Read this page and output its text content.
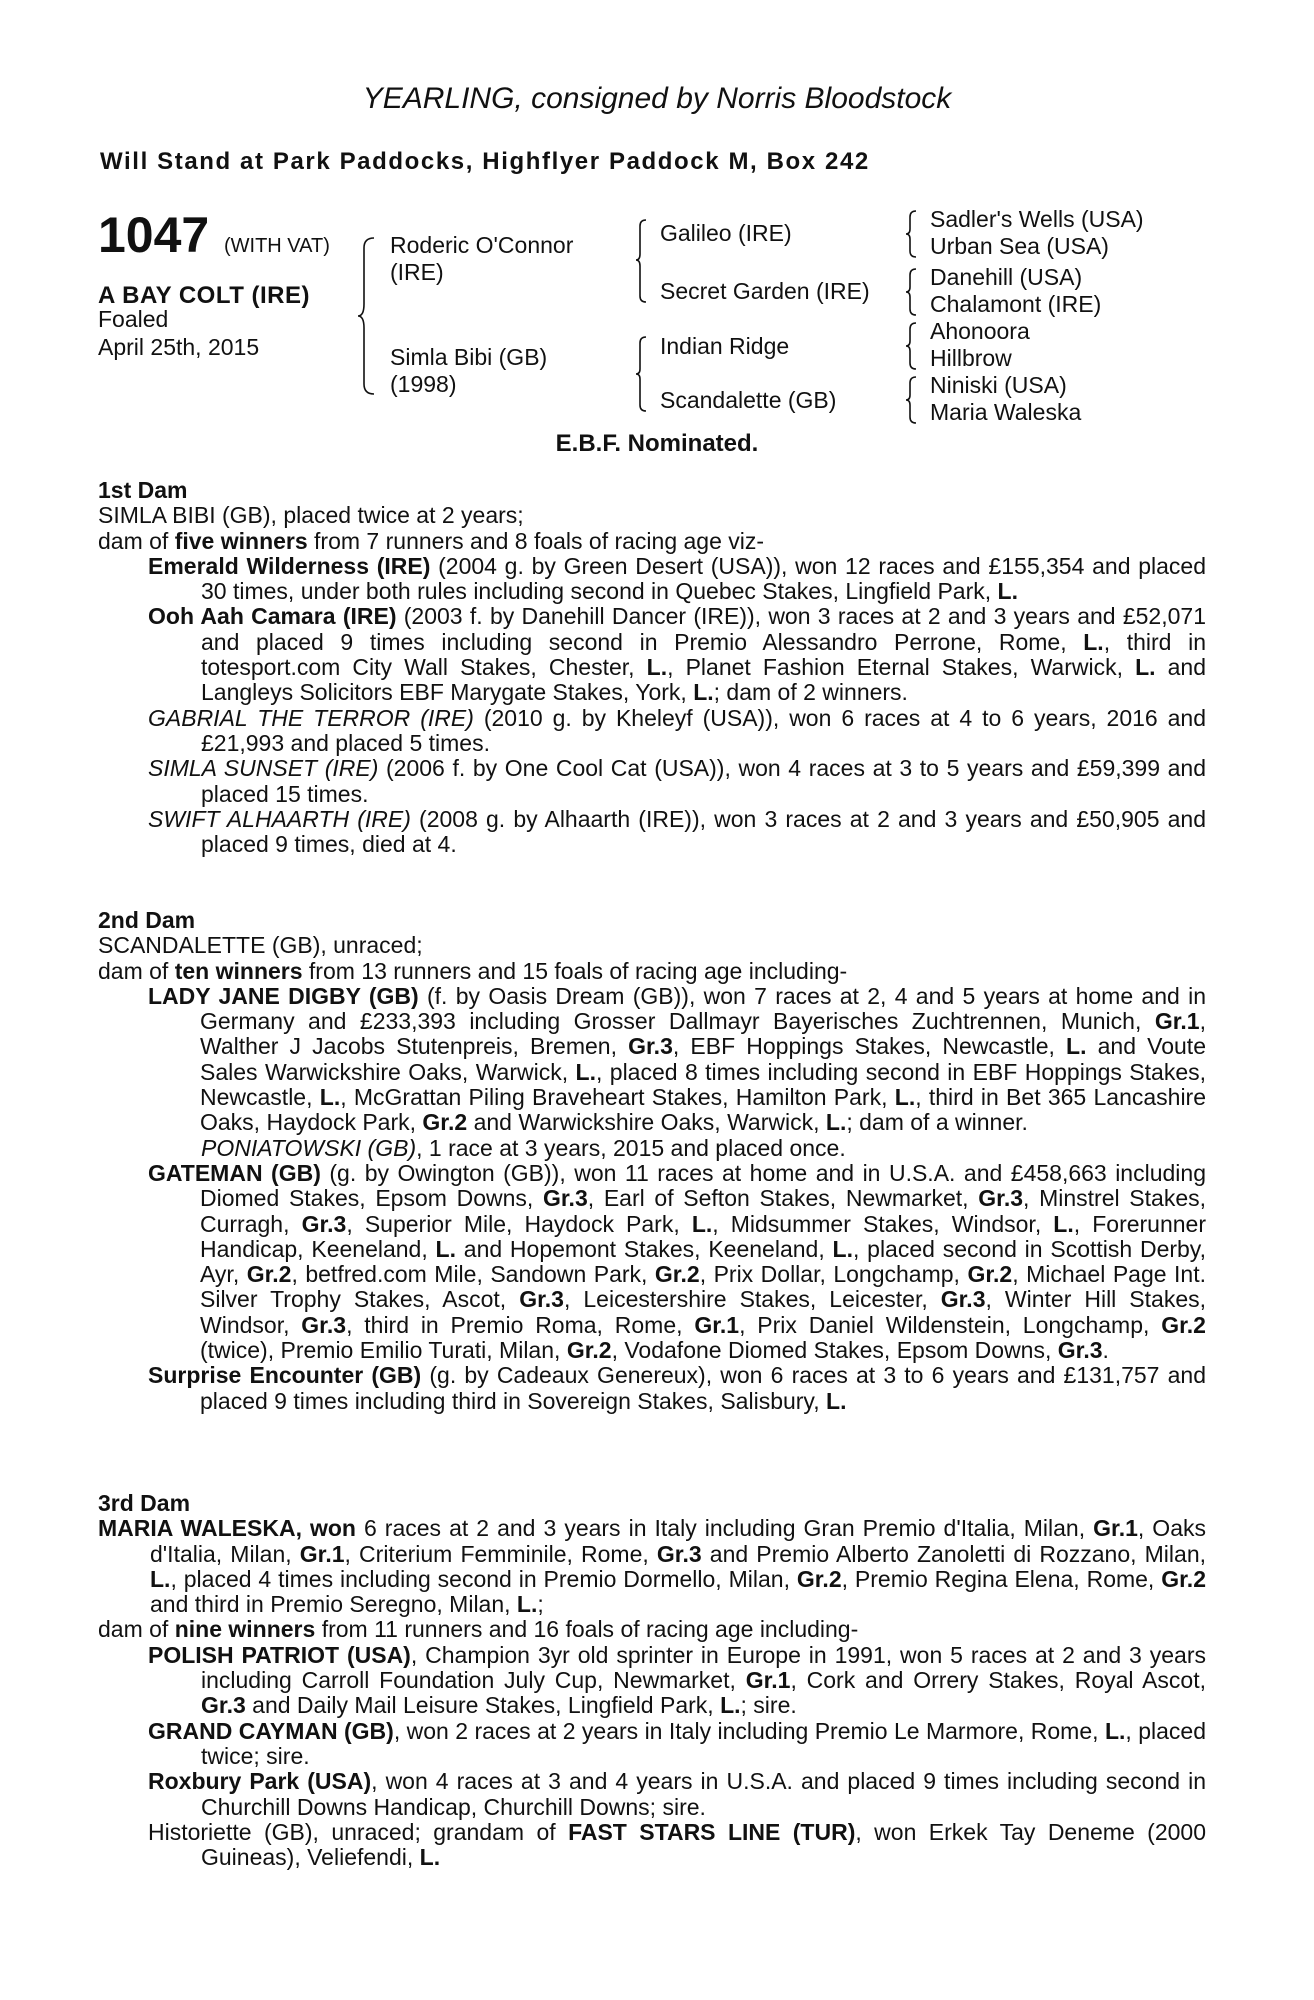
YEARLING, consigned by Norris Bloodstock
Will Stand at Park Paddocks, Highflyer Paddock M, Box 242
1047 (WITH VAT)
A BAY COLT (IRE)
Foaled
April 25th, 2015
Roderic O'Connor
(IRE)
Simla Bibi (GB)
(1998)
Galileo (IRE)
Secret Garden (IRE)
Indian Ridge
Scandalette (GB)
Sadler's Wells (USA)
Urban Sea (USA)
Danehill (USA)
Chalamont (IRE)
Ahonoora
Hillbrow
Niniski (USA)
Maria Waleska
E.B.F. Nominated.
1st Dam

SIMLA BIBI (GB), placed twice at 2 years;

dam of five winners from 7 runners and 8 foals of racing age viz-

Emerald Wilderness (IRE) (2004 g. by Green Desert (USA)), won 12 races and £155,354 and placed 30 times, under both rules including second in Quebec Stakes, Lingfield Park, L.

Ooh Aah Camara (IRE) (2003 f. by Danehill Dancer (IRE)), won 3 races at 2 and 3 years and £52,071 and placed 9 times including second in Premio Alessandro Perrone, Rome, L., third in totesport.com City Wall Stakes, Chester, L., Planet Fashion Eternal Stakes, Warwick, L. and Langleys Solicitors EBF Marygate Stakes, York, L.; dam of 2 winners.

GABRIAL THE TERROR (IRE) (2010 g. by Kheleyf (USA)), won 6 races at 4 to 6 years, 2016 and £21,993 and placed 5 times.

SIMLA SUNSET (IRE) (2006 f. by One Cool Cat (USA)), won 4 races at 3 to 5 years and £59,399 and placed 15 times.

SWIFT ALHAARTH (IRE) (2008 g. by Alhaarth (IRE)), won 3 races at 2 and 3 years and £50,905 and placed 9 times, died at 4.

2nd Dam

SCANDALETTE (GB), unraced;

dam of ten winners from 13 runners and 15 foals of racing age including-

LADY JANE DIGBY (GB) (f. by Oasis Dream (GB)), won 7 races at 2, 4 and 5 years at home and in Germany and £233,393 including Grosser Dallmayr Bayerisches Zuchtrennen, Munich, Gr.1, Walther J Jacobs Stutenpreis, Bremen, Gr.3, EBF Hoppings Stakes, Newcastle, L. and Voute Sales Warwickshire Oaks, Warwick, L., placed 8 times including second in EBF Hoppings Stakes, Newcastle, L., McGrattan Piling Braveheart Stakes, Hamilton Park, L., third in Bet 365 Lancashire Oaks, Haydock Park, Gr.2 and Warwickshire Oaks, Warwick, L.; dam of a winner.

PONIATOWSKI (GB), 1 race at 3 years, 2015 and placed once.

GATEMAN (GB) (g. by Owington (GB)), won 11 races at home and in U.S.A. and £458,663 including Diomed Stakes, Epsom Downs, Gr.3, Earl of Sefton Stakes, Newmarket, Gr.3, Minstrel Stakes, Curragh, Gr.3, Superior Mile, Haydock Park, L., Midsummer Stakes, Windsor, L., Forerunner Handicap, Keeneland, L. and Hopemont Stakes, Keeneland, L., placed second in Scottish Derby, Ayr, Gr.2, betfred.com Mile, Sandown Park, Gr.2, Prix Dollar, Longchamp, Gr.2, Michael Page Int. Silver Trophy Stakes, Ascot, Gr.3, Leicestershire Stakes, Leicester, Gr.3, Winter Hill Stakes, Windsor, Gr.3, third in Premio Roma, Rome, Gr.1, Prix Daniel Wildenstein, Longchamp, Gr.2 (twice), Premio Emilio Turati, Milan, Gr.2, Vodafone Diomed Stakes, Epsom Downs, Gr.3.

Surprise Encounter (GB) (g. by Cadeaux Genereux), won 6 races at 3 to 6 years and £131,757 and placed 9 times including third in Sovereign Stakes, Salisbury, L.

3rd Dam

MARIA WALESKA, won 6 races at 2 and 3 years in Italy including Gran Premio d'Italia, Milan, Gr.1, Oaks d'Italia, Milan, Gr.1, Criterium Femminile, Rome, Gr.3 and Premio Alberto Zanoletti di Rozzano, Milan, L., placed 4 times including second in Premio Dormello, Milan, Gr.2, Premio Regina Elena, Rome, Gr.2 and third in Premio Seregno, Milan, L.;

dam of nine winners from 11 runners and 16 foals of racing age including-

POLISH PATRIOT (USA), Champion 3yr old sprinter in Europe in 1991, won 5 races at 2 and 3 years including Carroll Foundation July Cup, Newmarket, Gr.1, Cork and Orrery Stakes, Royal Ascot, Gr.3 and Daily Mail Leisure Stakes, Lingfield Park, L.; sire.

GRAND CAYMAN (GB), won 2 races at 2 years in Italy including Premio Le Marmore, Rome, L., placed twice; sire.

Roxbury Park (USA), won 4 races at 3 and 4 years in U.S.A. and placed 9 times including second in Churchill Downs Handicap, Churchill Downs; sire.

Historiette (GB), unraced; grandam of FAST STARS LINE (TUR), won Erkek Tay Deneme (2000 Guineas), Veliefendi, L.
